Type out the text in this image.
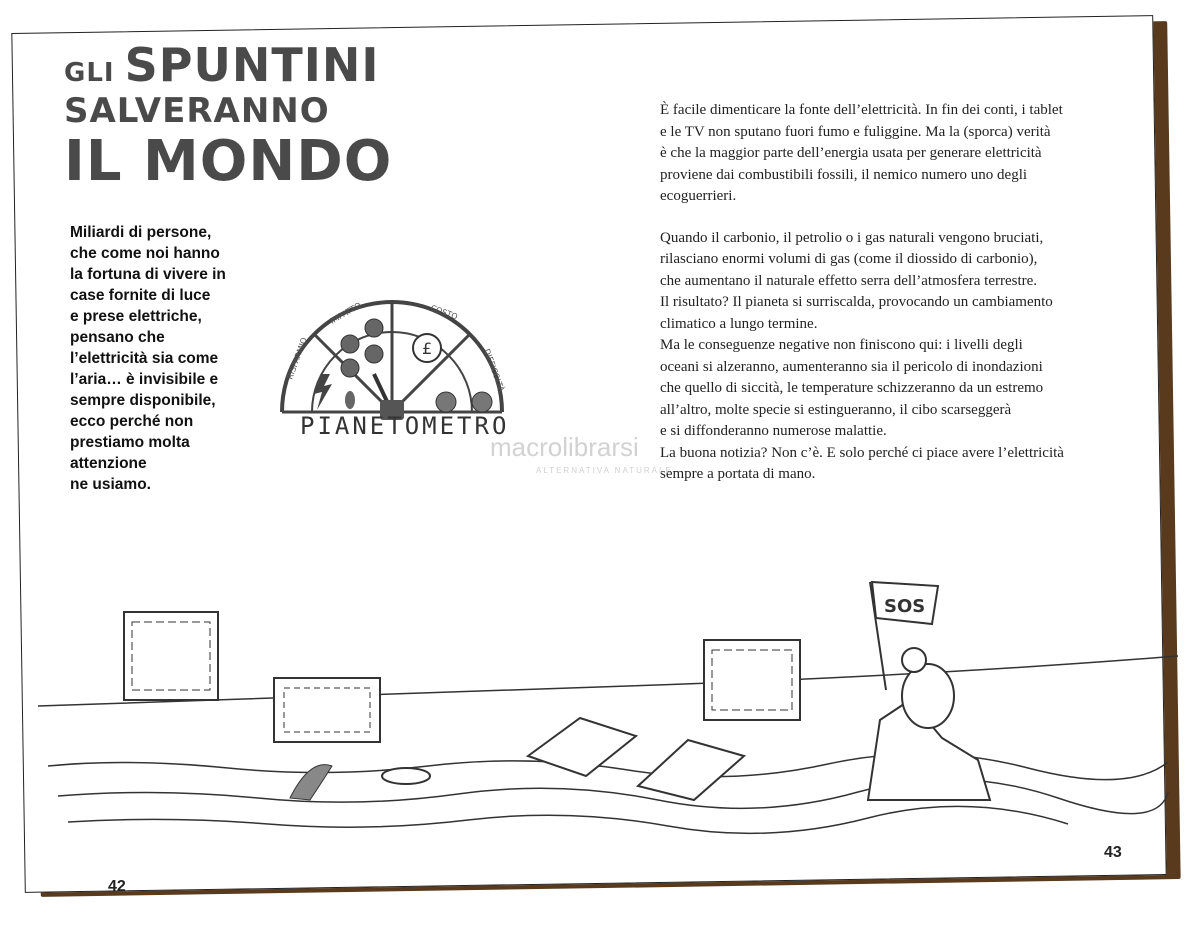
GLI SPUNTINI
SALVERANNO
IL MONDO
Miliardi di persone,
che come noi hanno
la fortuna di vivere in
case fornite di luce
e prese elettriche,
pensano che
l’elettricità sia come
l’aria… è invisibile e
sempre disponibile,
ecco perché non
prestiamo molta attenzione
ne usiamo.
RISPARMIO
IMPATTO	COSTO
DIFFICOLTÀ
£
PIANETOMETRO

È facile dimenticare la fonte dell’elettricità. In fin dei conti, i tablet
e le TV non sputano fuori fumo e fuliggine. Ma la (sporca) verità
è che la maggior parte dell’energia usata per generare elettricità
proviene dai combustibili fossili, il nemico numero uno degli
ecoguerrieri.

Quando il carbonio, il petrolio o i gas naturali vengono bruciati,
rilasciano enormi volumi di gas (come il diossido di carbonio),
che aumentano il naturale effetto serra dell’atmosfera terrestre.
Il risultato? Il pianeta si surriscalda, provocando un cambiamento
climatico a lungo termine.
Ma le conseguenze negative non finiscono qui: i livelli degli
oceani si alzeranno, aumenteranno sia il pericolo di inondazioni
che quello di siccità, le temperature schizzeranno da un estremo
all’altro, molte specie si estingueranno, il cibo scarseggerà
e si diffonderanno numerose malattie.
La buona notizia? Non c’è. E solo perché ci piace avere l’elettricità
sempre a portata di mano.

macrolibrarsi
ALTERNATIVA NATURALE
SOS
42
43
